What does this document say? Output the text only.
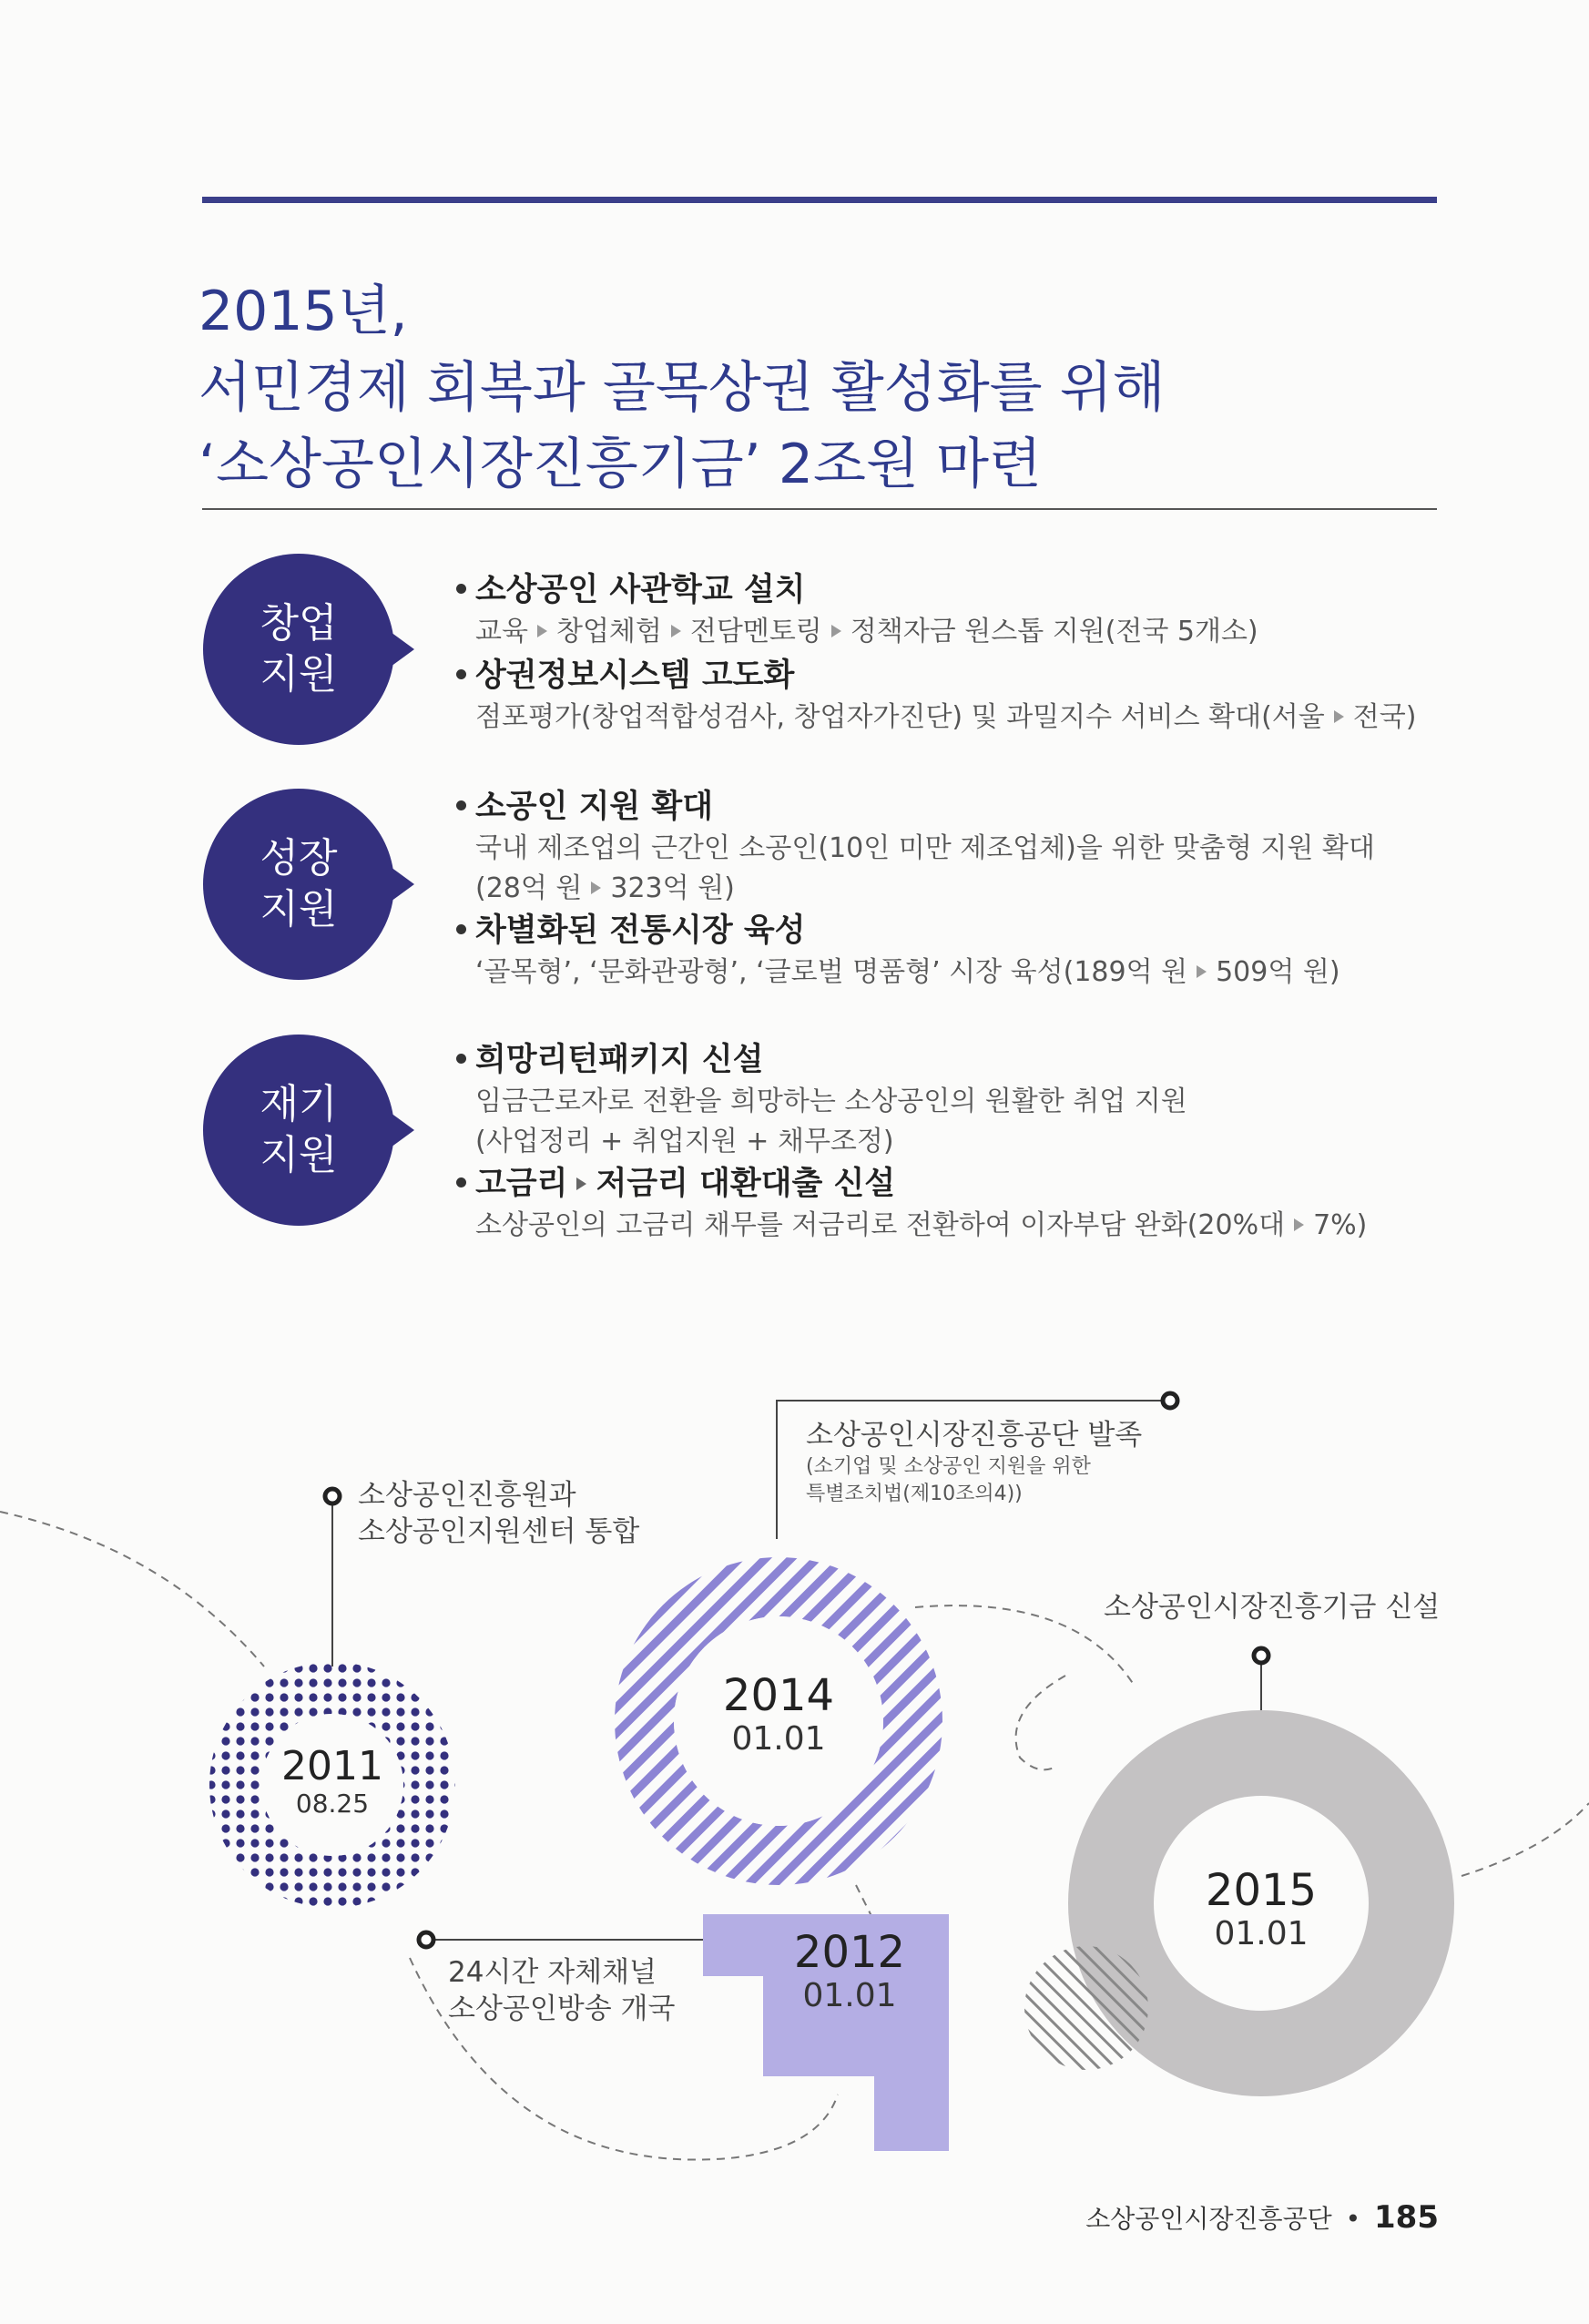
2015년,
서민경제 회복과 골목상권 활성화를 위해
‘소상공인시장진흥기금’ 2조원 마련
창업
지원
소상공인 사관학교 설치
교육 창업체험 전담멘토링 정책자금 원스톱 지원(전국 5개소)
상권정보시스템 고도화
점포평가(창업적합성검사, 창업자가진단) 및 과밀지수 서비스 확대(서울 전국)
성장
지원
소공인 지원 확대
국내 제조업의 근간인 소공인(10인 미만 제조업체)을 위한 맞춤형 지원 확대
(28억 원 323억 원)
차별화된 전통시장 육성
‘골목형’, ‘문화관광형’, ‘글로벌 명품형’ 시장 육성(189억 원 509억 원)
재기
지원
희망리턴패키지 신설
임금근로자로 전환을 희망하는 소상공인의 원활한 취업 지원
(사업정리 + 취업지원 + 채무조정)
고금리 저금리 대환대출 신설
소상공인의 고금리 채무를 저금리로 전환하여 이자부담 완화(20%대 7%)
소상공인진흥원과
소상공인지원센터 통합
2011
08.25
소상공인시장진흥공단 발족
(소기업 및 소상공인 지원을 위한
특별조치법(제10조의4))
2014
01.01
소상공인시장진흥기금 신설
2015
01.01
24시간 자체채널
소상공인방송 개국
2012
01.01
소상공인시장진흥공단 • 185
